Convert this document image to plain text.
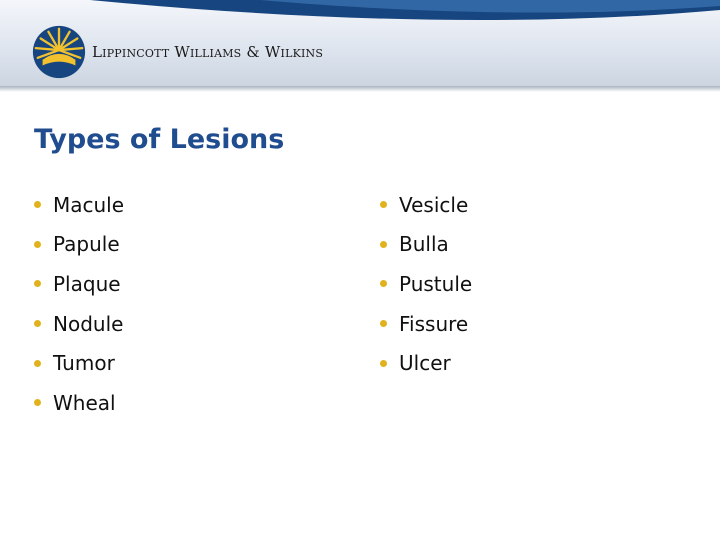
Lippincott Williams & Wilkins
Types of Lesions
Macule
Papule
Plaque
Nodule
Tumor
Wheal
Vesicle
Bulla
Pustule
Fissure
Ulcer
